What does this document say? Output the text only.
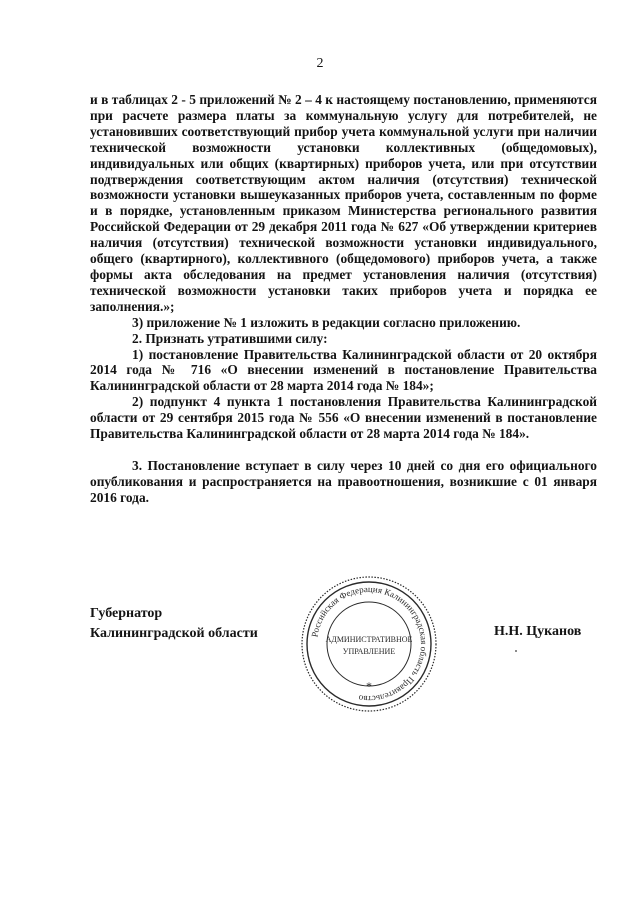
2

и в таблицах 2 - 5 приложений № 2 – 4 к настоящему постановлению, применяются при расчете размера платы за коммунальную услугу для потребителей, не установивших соответствующий прибор учета коммунальной услуги при наличии технической возможности установки коллективных (общедомовых), индивидуальных или общих (квартирных) приборов учета, или при отсутствии подтверждения соответствующим актом наличия (отсутствия) технической возможности установки вышеуказанных приборов учета, составленным по форме и в порядке, установленным приказом Министерства регионального развития Российской Федерации от 29 декабря 2011 года № 627 «Об утверждении критериев наличия (отсутствия) технической возможности установки индивидуального, общего (квартирного), коллективного (общедомового) приборов учета, а также формы акта обследования на предмет установления наличия (отсутствия) технической возможности установки таких приборов учета и порядка ее заполнения.»;

3) приложение № 1 изложить в редакции согласно приложению.

2. Признать утратившими силу:

1) постановление Правительства Калининградской области от 20 октября 2014 года № 716 «О внесении изменений в постановление Правительства Калининградской области от 28 марта 2014 года № 184»;

2) подпункт 4 пункта 1 постановления Правительства Калининградской области от 29 сентября 2015 года № 556 «О внесении изменений в постановление Правительства Калининградской области от 28 марта 2014 года № 184».

3. Постановление вступает в силу через 10 дней со дня его официального опубликования и распространяется на правоотношения, возникшие с 01 января 2016 года.

Губернатор
Калининградской области	Н.Н. Цуканов
Российская Федерация Калининградская область Правительство
АДМИНИСТРАТИВНОЕ
УПРАВЛЕНИЕ
*
